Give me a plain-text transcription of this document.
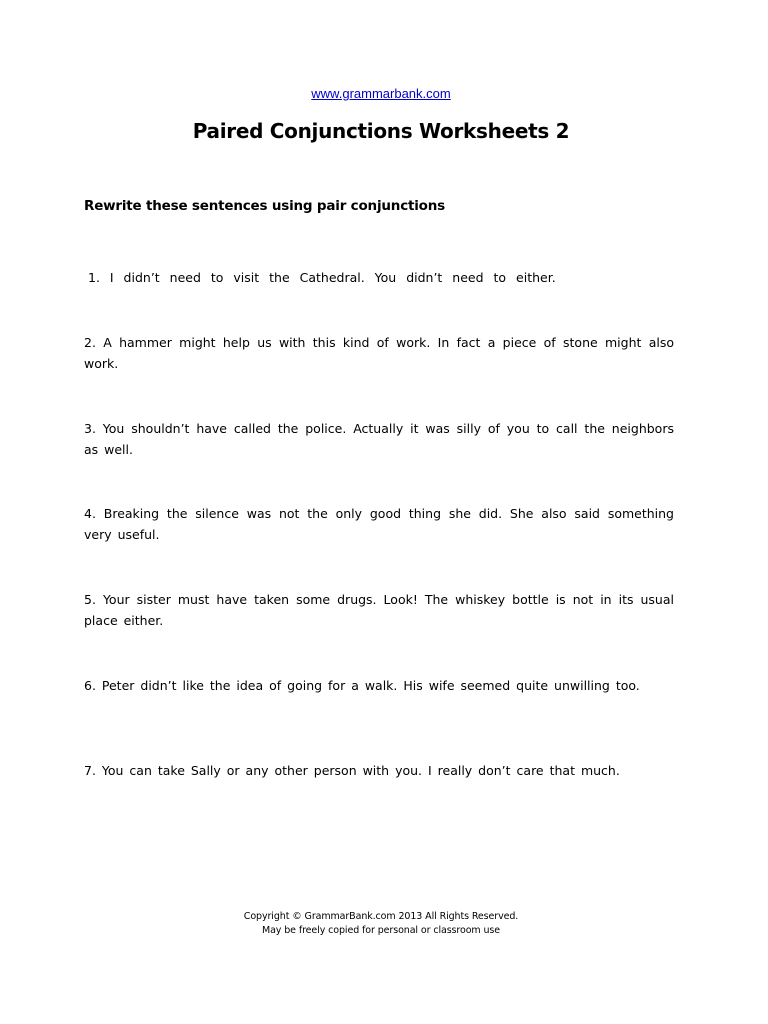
www.grammarbank.com
Paired Conjunctions Worksheets 2
Rewrite these sentences using pair conjunctions
1. I didn’t need to visit the Cathedral. You didn’t need to either.
2. A hammer might help us with this kind of work. In fact a piece of stone might also work.
3. You shouldn’t have called the police. Actually it was silly of you to call the neighbors as well.
4. Breaking the silence was not the only good thing she did. She also said something very useful.
5. Your sister must have taken some drugs. Look! The whiskey bottle is not in its usual place either.
6. Peter didn’t like the idea of going for a walk. His wife seemed quite unwilling too.
7. You can take Sally or any other person with you. I really don’t care that much.
Copyright © GrammarBank.com 2013 All Rights Reserved.
May be freely copied for personal or classroom use
